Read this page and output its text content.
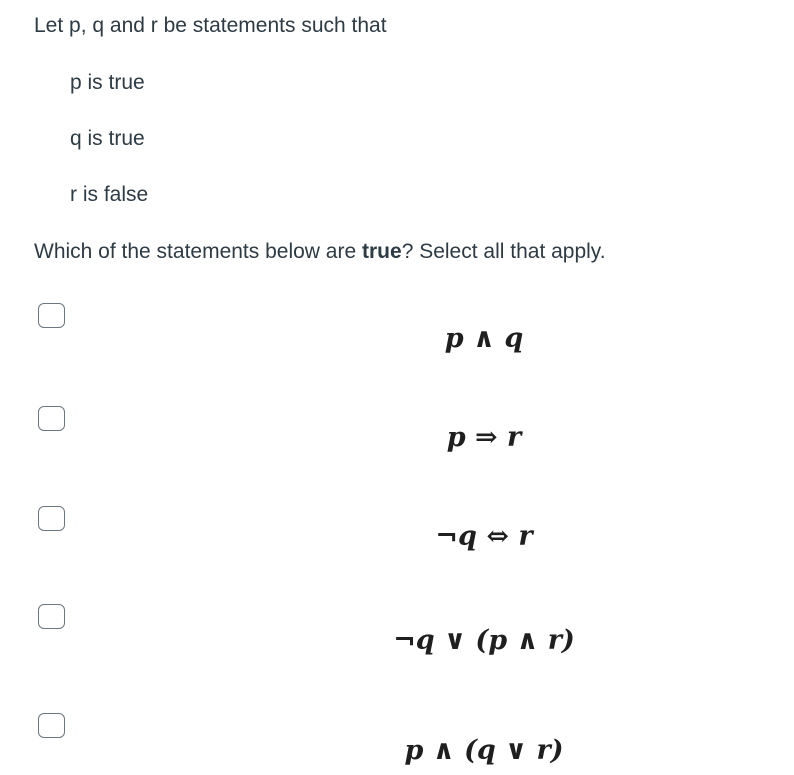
Let p, q and r be statements such that
p is true
q is true
r is false
Which of the statements below are true? Select all that apply.
p ∧ q
p ⇒ r
¬q ⇔ r
¬q ∨ (p ∧ r)
p ∧ (q ∨ r)
